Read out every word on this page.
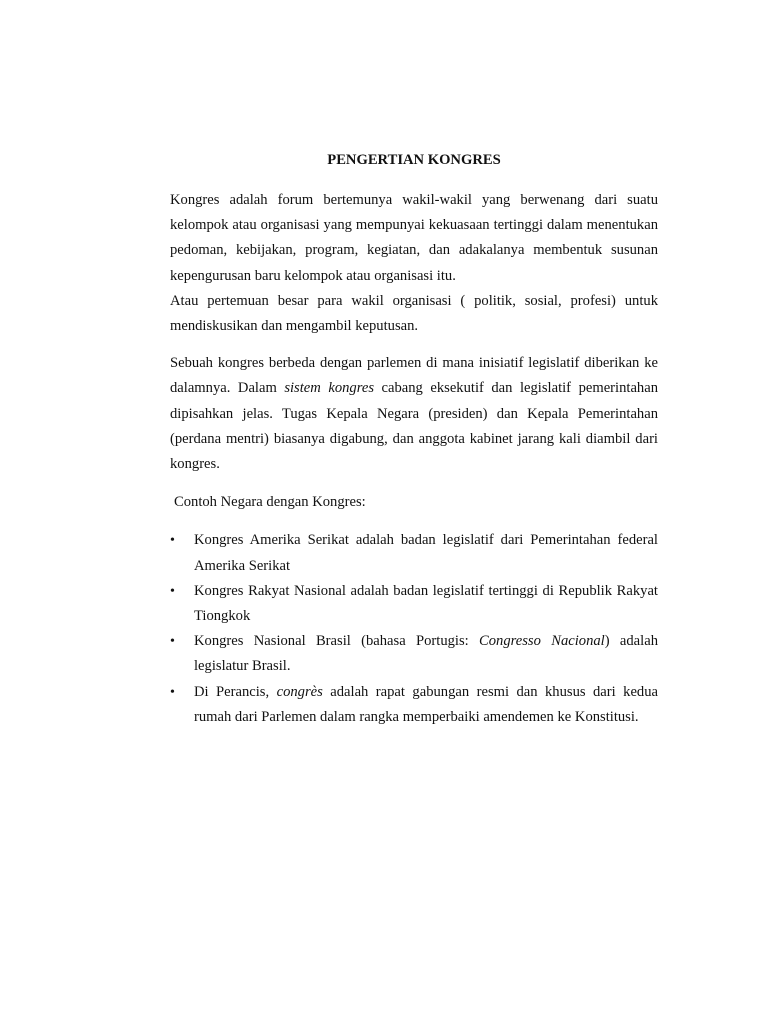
PENGERTIAN KONGRES

Kongres adalah forum bertemunya wakil-wakil yang berwenang dari suatu kelompok atau organisasi yang mempunyai kekuasaan tertinggi dalam menentukan pedoman, kebijakan, program, kegiatan, dan adakalanya membentuk susunan kepengurusan baru kelompok atau organisasi itu.

Atau pertemuan besar para wakil organisasi ( politik, sosial, profesi) untuk mendiskusikan dan mengambil keputusan.

Sebuah kongres berbeda dengan parlemen di mana inisiatif legislatif diberikan ke dalamnya. Dalam sistem kongres cabang eksekutif dan legislatif pemerintahan dipisahkan jelas. Tugas Kepala Negara (presiden) dan Kepala Pemerintahan (perdana mentri) biasanya digabung, dan anggota kabinet jarang kali diambil dari kongres.

Contoh Negara dengan Kongres:

• Kongres Amerika Serikat adalah badan legislatif dari Pemerintahan federal Amerika Serikat
• Kongres Rakyat Nasional adalah badan legislatif tertinggi di Republik Rakyat Tiongkok
• Kongres Nasional Brasil (bahasa Portugis: Congresso Nacional) adalah legislatur Brasil.
• Di Perancis, congrès adalah rapat gabungan resmi dan khusus dari kedua rumah dari Parlemen dalam rangka memperbaiki amendemen ke Konstitusi.
